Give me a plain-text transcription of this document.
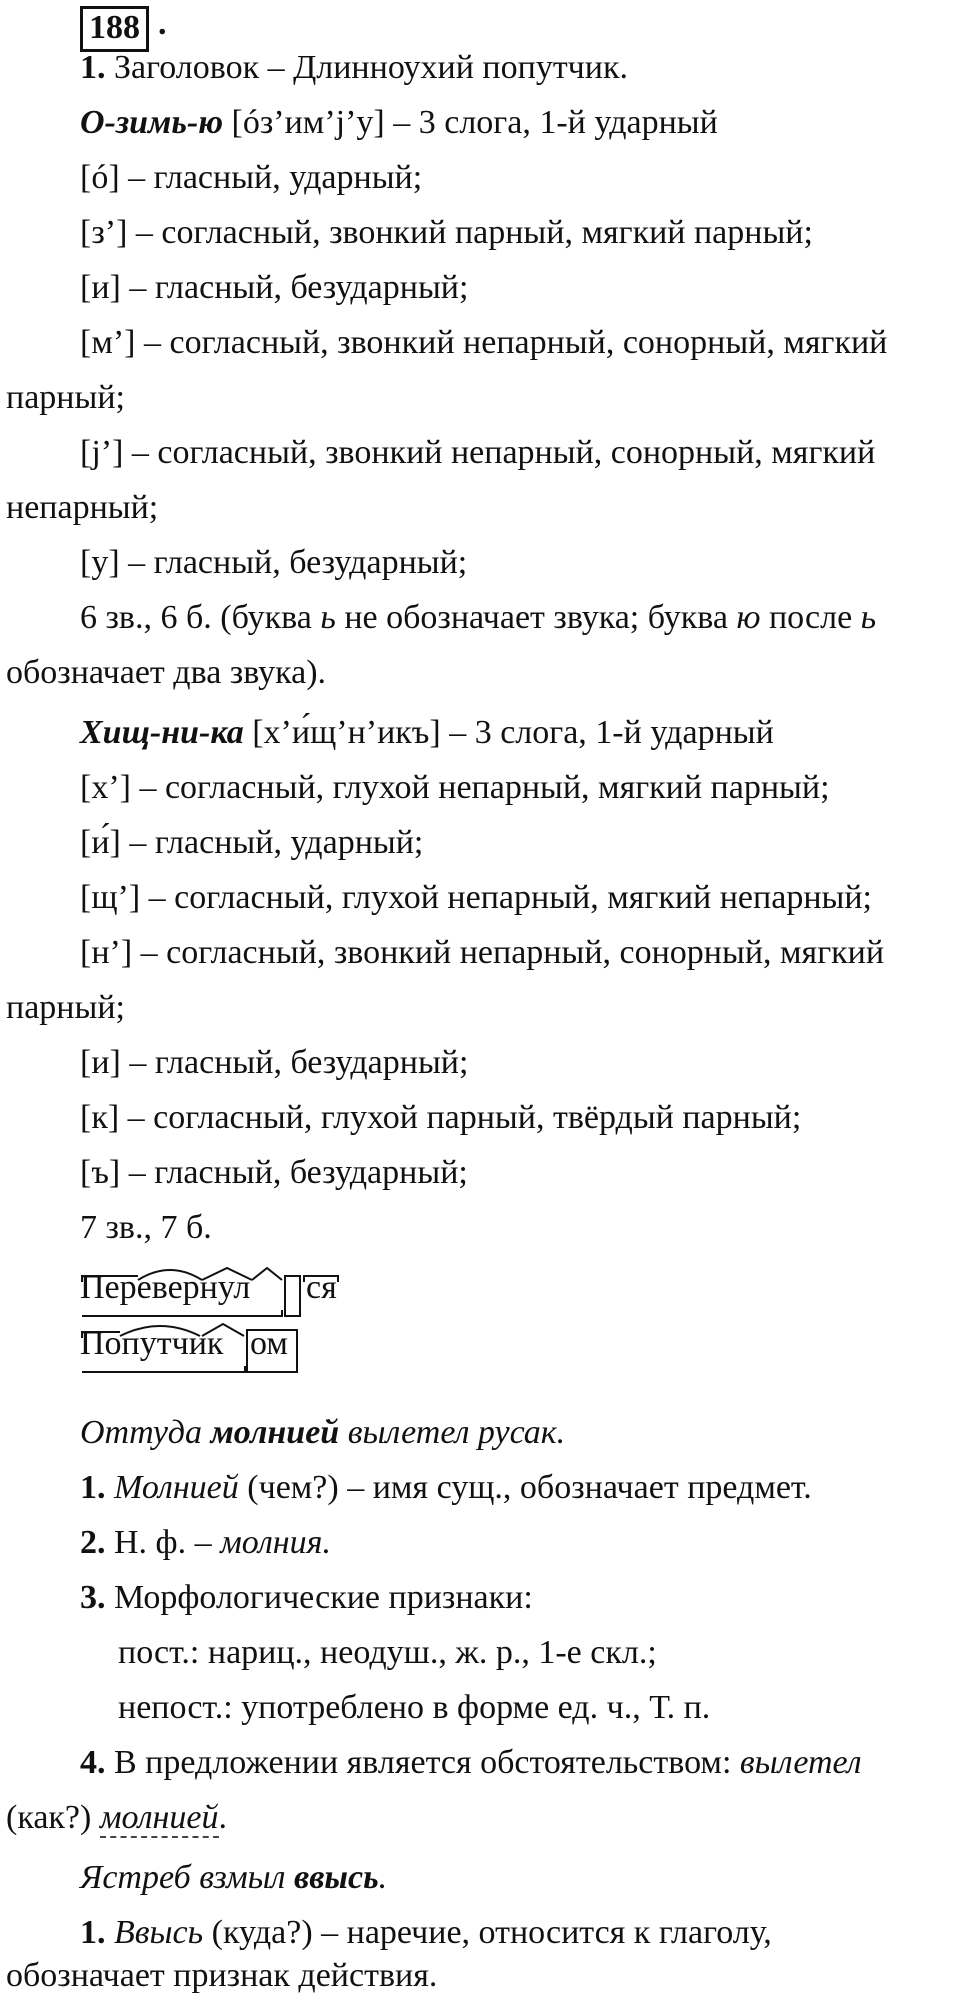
188 .
1. Заголовок – Длинноухий попутчик.
О-зимь-ю [óз’им’j’у] – 3 слога, 1-й ударный
[ó] – гласный, ударный;
[з’] – согласный, звонкий парный, мягкий парный;
[и] – гласный, безударный;
[м’] – согласный, звонкий непарный, сонорный, мягкий
парный;
[j’] – согласный, звонкий непарный, сонорный, мягкий
непарный;
[у] – гласный, безударный;
6 зв., 6 б. (буква ь не обозначает звука; буква ю после ь
обозначает два звука).
Хищ-ни-ка [х’и́щ’н’икъ] – 3 слога, 1-й ударный
[х’] – согласный, глухой непарный, мягкий парный;
[и́] – гласный, ударный;
[щ’] – согласный, глухой непарный, мягкий непарный;
[н’] – согласный, звонкий непарный, сонорный, мягкий
парный;
[и] – гласный, безударный;
[к] – согласный, глухой парный, твёрдый парный;
[ъ] – гласный, безударный;
7 зв., 7 б.
Перевернул ся
Попутчик ом
Оттуда молнией вылетел русак.
1. Молнией (чем?) – имя сущ., обозначает предмет.
2. Н. ф. – молния.
3. Морфологические признаки:
пост.: нариц., неодуш., ж. р., 1-е скл.;
непост.: употреблено в форме ед. ч., Т. п.
4. В предложении является обстоятельством: вылетел
(как?) молнией.
Ястреб взмыл ввысь.
1. Ввысь (куда?) – наречие, относится к глаголу,
обозначает признак действия.
